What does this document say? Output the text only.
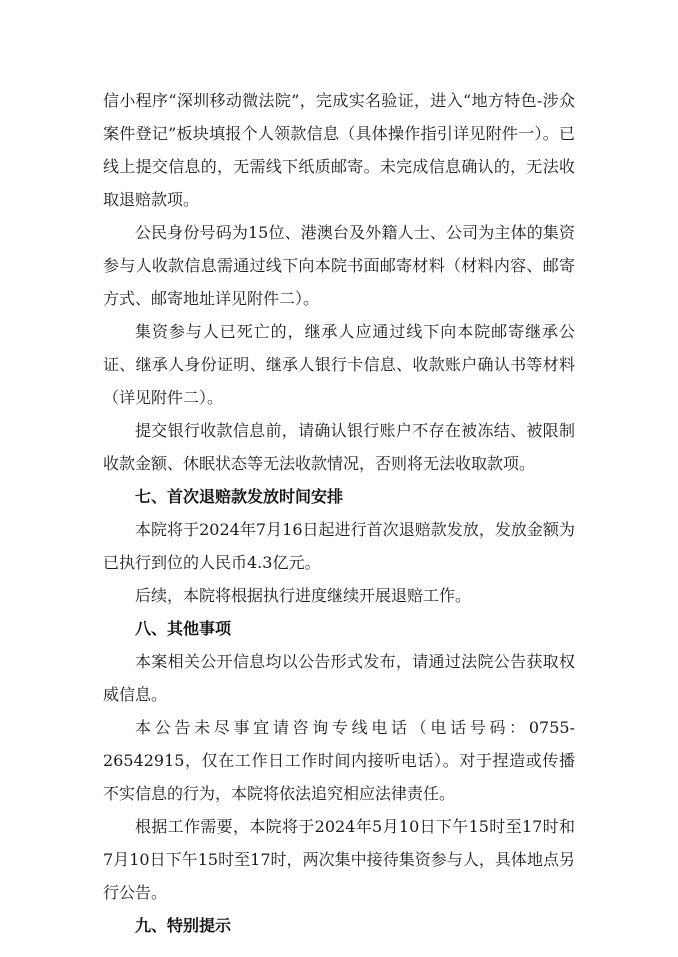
信小程序“深圳移动微法院”，完成实名验证，进入“地方特色-涉众案件登记”板块填报个人领款信息（具体操作指引详见附件一）。已线上提交信息的，无需线下纸质邮寄。未完成信息确认的，无法收取退赔款项。

公民身份号码为15位、港澳台及外籍人士、公司为主体的集资参与人收款信息需通过线下向本院书面邮寄材料（材料内容、邮寄方式、邮寄地址详见附件二）。

集资参与人已死亡的，继承人应通过线下向本院邮寄继承公证、继承人身份证明、继承人银行卡信息、收款账户确认书等材料（详见附件二）。

提交银行收款信息前，请确认银行账户不存在被冻结、被限制收款金额、休眠状态等无法收款情况，否则将无法收取款项。

七、首次退赔款发放时间安排

本院将于2024年7月16日起进行首次退赔款发放，发放金额为已执行到位的人民币4.3亿元。

后续，本院将根据执行进度继续开展退赔工作。

八、其他事项

本案相关公开信息均以公告形式发布，请通过法院公告获取权威信息。

本公告未尽事宜请咨询专线电话（电话号码：0755-26542915，仅在工作日工作时间内接听电话）。对于捏造或传播不实信息的行为，本院将依法追究相应法律责任。

根据工作需要，本院将于2024年5月10日下午15时至17时和7月10日下午15时至17时，两次集中接待集资参与人，具体地点另行公告。

九、特别提示
